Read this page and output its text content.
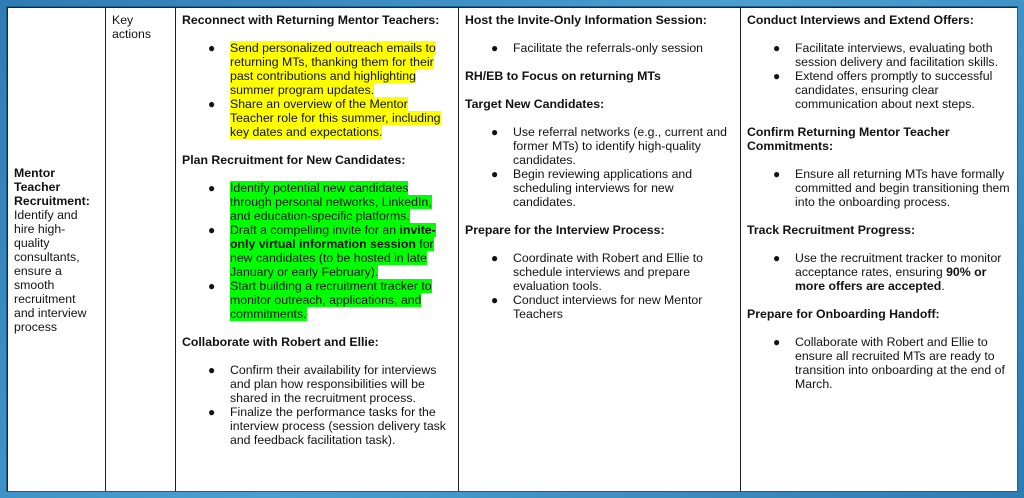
Mentor Teacher Recruitment:
Identify and hire high-quality consultants, ensure a smooth recruitment and interview process

Key actions

Reconnect with Returning Mentor Teachers:
● Send personalized outreach emails to returning MTs, thanking them for their past contributions and highlighting summer program updates.
● Share an overview of the Mentor Teacher role for this summer, including key dates and expectations.
Plan Recruitment for New Candidates:
● Identify potential new candidates through personal networks, LinkedIn, and education-specific platforms.
● Draft a compelling invite for an invite-only virtual information session for new candidates (to be hosted in late January or early February).
● Start building a recruitment tracker to monitor outreach, applications, and commitments.
Collaborate with Robert and Ellie:
● Confirm their availability for interviews and plan how responsibilities will be shared in the recruitment process.
● Finalize the performance tasks for the interview process (session delivery task and feedback facilitation task).

Host the Invite-Only Information Session:
● Facilitate the referrals-only session
RH/EB to Focus on returning MTs
Target New Candidates:
● Use referral networks (e.g., current and former MTs) to identify high-quality candidates.
● Begin reviewing applications and scheduling interviews for new candidates.
Prepare for the Interview Process:
● Coordinate with Robert and Ellie to schedule interviews and prepare evaluation tools.
● Conduct interviews for new Mentor Teachers

Conduct Interviews and Extend Offers:
● Facilitate interviews, evaluating both session delivery and facilitation skills.
● Extend offers promptly to successful candidates, ensuring clear communication about next steps.
Confirm Returning Mentor Teacher Commitments:
● Ensure all returning MTs have formally committed and begin transitioning them into the onboarding process.
Track Recruitment Progress:
● Use the recruitment tracker to monitor acceptance rates, ensuring 90% or more offers are accepted.
Prepare for Onboarding Handoff:
● Collaborate with Robert and Ellie to ensure all recruited MTs are ready to transition into onboarding at the end of March.
